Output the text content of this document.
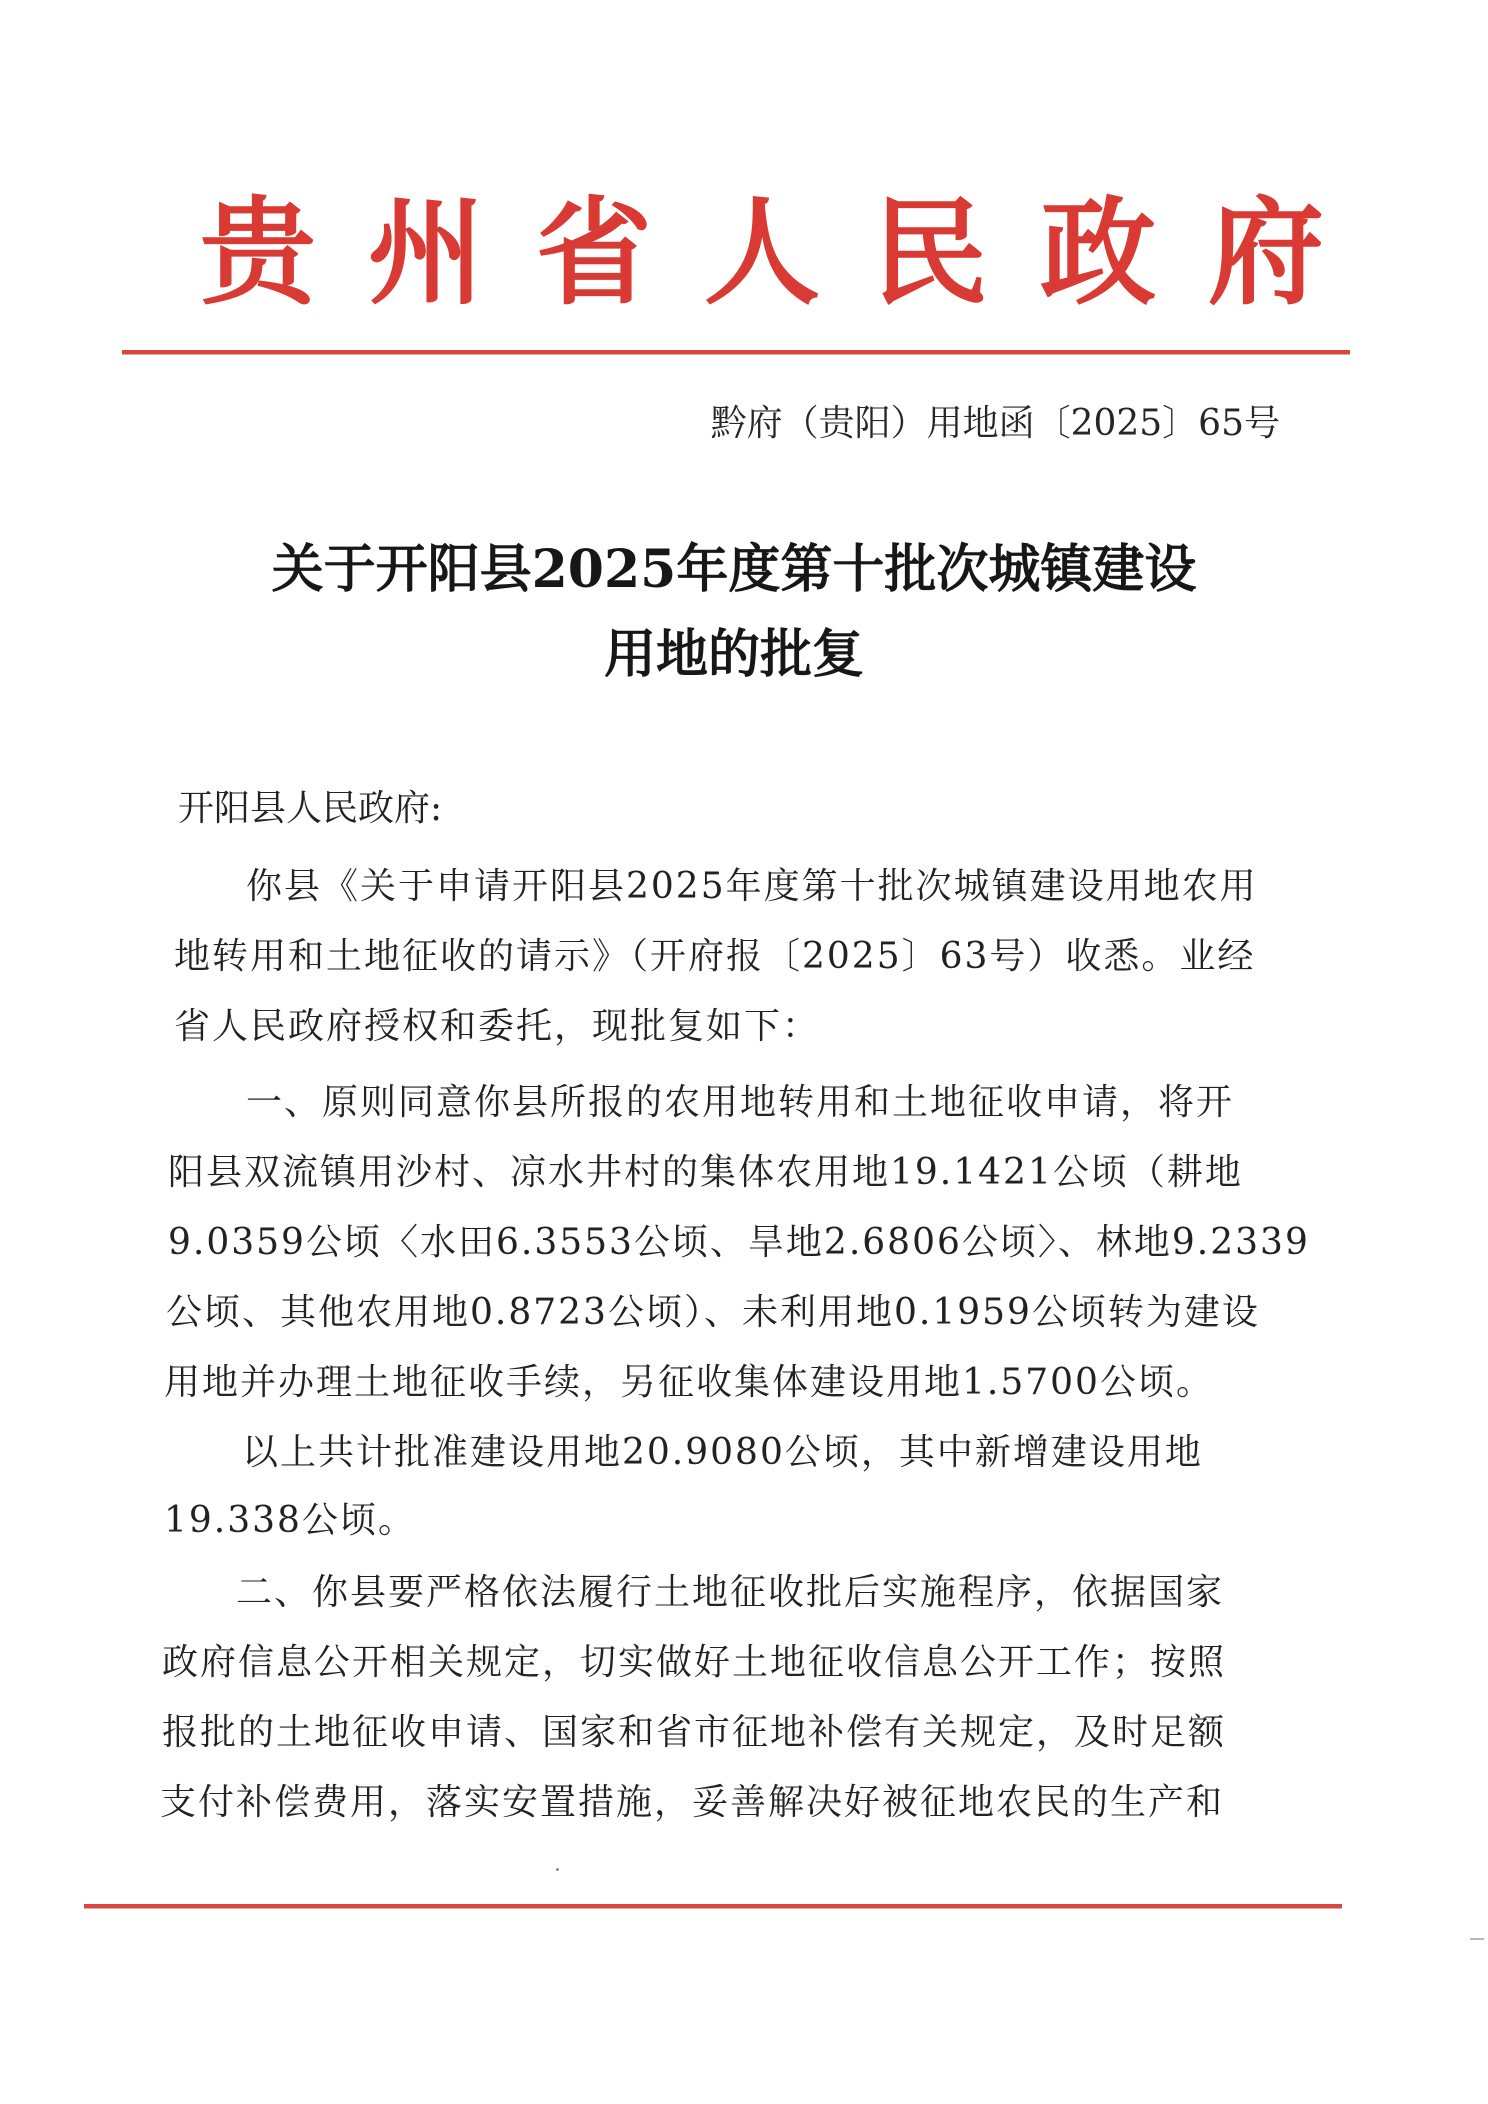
贵州省人民政府
黔府（贵阳）用地函〔2025〕65号
关于开阳县2025年度第十批次城镇建设
用地的批复
开阳县人民政府:
你县《关于申请开阳县2025年度第十批次城镇建设用地农用
地转用和土地征收的请示》（开府报〔2025〕63号）收悉。业经
省人民政府授权和委托，现批复如下：
一、原则同意你县所报的农用地转用和土地征收申请，将开
阳县双流镇用沙村、凉水井村的集体农用地19.1421公顷（耕地
9.0359公顷〈水田6.3553公顷、旱地2.6806公顷〉、林地9.2339
公顷、其他农用地0.8723公顷）、未利用地0.1959公顷转为建设
用地并办理土地征收手续，另征收集体建设用地1.5700公顷。
以上共计批准建设用地20.9080公顷，其中新增建设用地
19.338公顷。
二、你县要严格依法履行土地征收批后实施程序，依据国家
政府信息公开相关规定，切实做好土地征收信息公开工作；按照
报批的土地征收申请、国家和省市征地补偿有关规定，及时足额
支付补偿费用，落实安置措施，妥善解决好被征地农民的生产和
